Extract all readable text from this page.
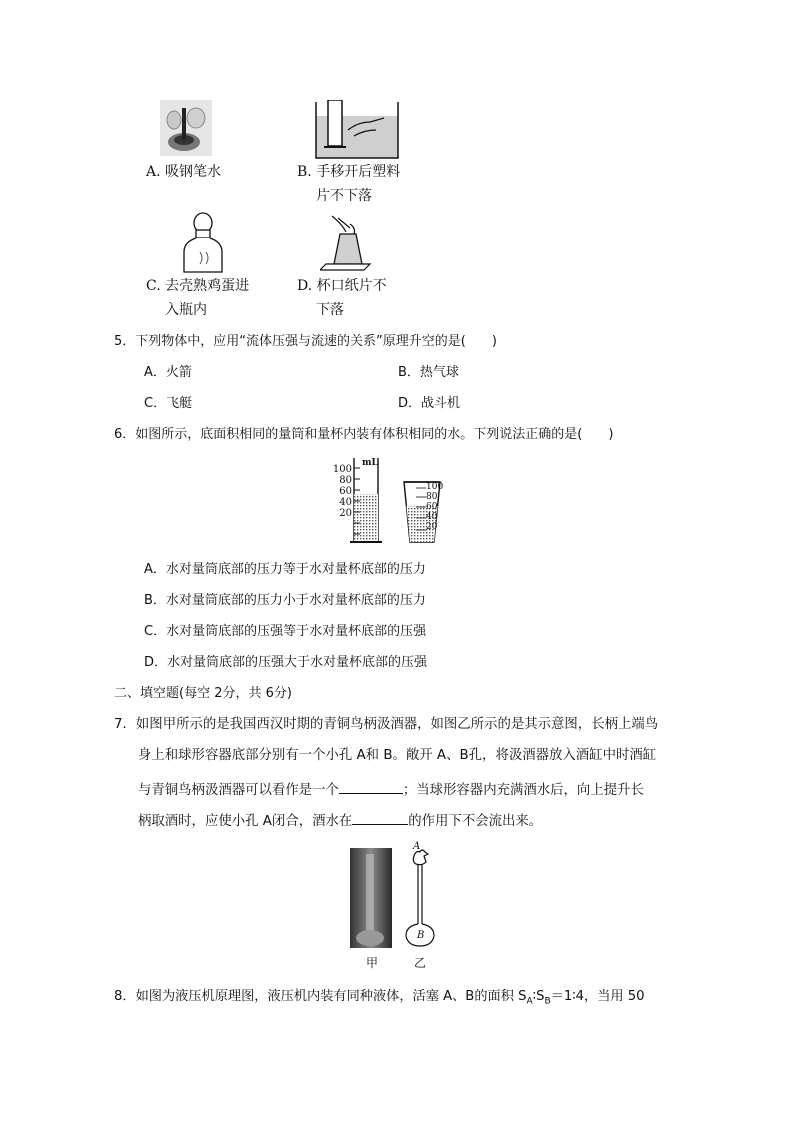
A. 吸钢笔水	B. 手移开后塑料
片不下落
C. 去壳熟鸡蛋进
入瓶内
D. 杯口纸片不
下落
5．下列物体中，应用“流体压强与流速的关系”原理升空的是(　　)
A．火箭	B．热气球
C．飞艇	D．战斗机
6．如图所示，底面积相同的量筒和量杯内装有体积相同的水。下列说法正确的是(　　)
mL
100
80
60
40
20
100
80
60
40
20
A．水对量筒底部的压力等于水对量杯底部的压力
B．水对量筒底部的压力小于水对量杯底部的压力
C．水对量筒底部的压强等于水对量杯底部的压强
D．水对量筒底部的压强大于水对量杯底部的压强
二、填空题(每空 2分，共 6分)
7．如图甲所示的是我国西汉时期的青铜鸟柄汲酒器，如图乙所示的是其示意图，长柄上端鸟
身上和球形容器底部分别有一个小孔 A和 B。敞开 A、B孔，将汲酒器放入酒缸中时酒缸
与青铜鸟柄汲酒器可以看作是一个	；当球形容器内充满酒水后，向上提升长
柄取酒时，应使小孔 A闭合，酒水在	的作用下不会流出来。
A
B
甲	乙
8．如图为液压机原理图，液压机内装有同种液体，活塞 A、B的面积 $S_A∶S_B=1∶4$，当用 50
